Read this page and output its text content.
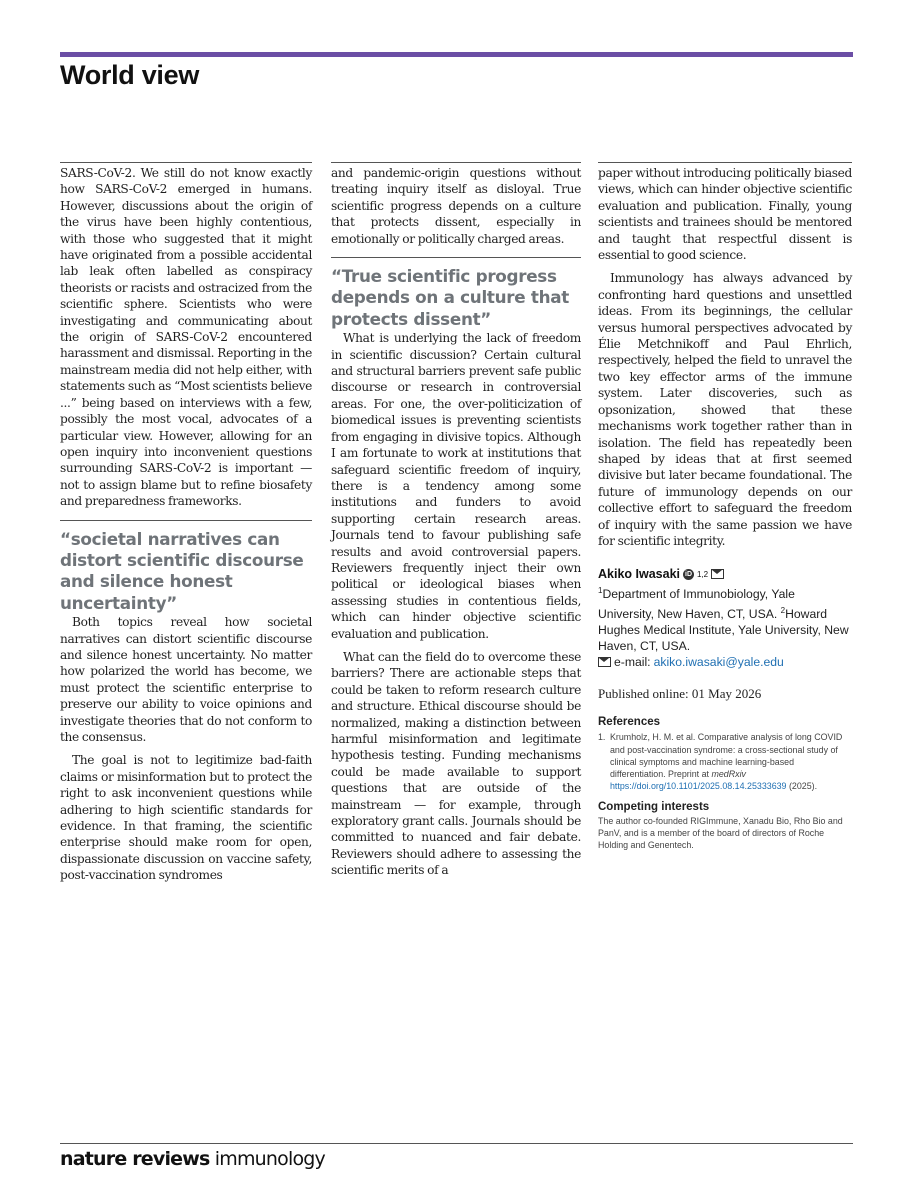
World view

SARS-CoV-2. We still do not know exactly how SARS-CoV-2 emerged in humans. However, discussions about the origin of the virus have been highly contentious, with those who suggested that it might have originated from a possible accidental lab leak often labelled as conspiracy theorists or racists and ostracized from the scientific sphere. Scientists who were investigating and communicating about the origin of SARS-CoV-2 encountered harassment and dismissal. Reporting in the mainstream media did not help either, with statements such as “Most scientists believe ...” being based on interviews with a few, possibly the most vocal, advocates of a particular view. However, allowing for an open inquiry into inconvenient questions surrounding SARS-CoV-2 is important — not to assign blame but to refine biosafety and preparedness frameworks.

“societal narratives can distort scientific discourse and silence honest uncertainty”

Both topics reveal how societal narratives can distort scientific discourse and silence honest uncertainty. No matter how polarized the world has become, we must protect the scientific enterprise to preserve our ability to voice opinions and investigate theories that do not conform to the consensus.

The goal is not to legitimize bad-faith claims or misinformation but to protect the right to ask inconvenient questions while adhering to high scientific standards for evidence. In that framing, the scientific enterprise should make room for open, dispassionate discussion on vaccine safety, post-vaccination syndromes

and pandemic-origin questions without treating inquiry itself as disloyal. True scientific progress depends on a culture that protects dissent, especially in emotionally or politically charged areas.

“True scientific progress depends on a culture that protects dissent”

What is underlying the lack of freedom in scientific discussion? Certain cultural and structural barriers prevent safe public discourse or research in controversial areas. For one, the over-politicization of biomedical issues is preventing scientists from engaging in divisive topics. Although I am fortunate to work at institutions that safeguard scientific freedom of inquiry, there is a tendency among some institutions and funders to avoid supporting certain research areas. Journals tend to favour publishing safe results and avoid controversial papers. Reviewers frequently inject their own political or ideological biases when assessing studies in contentious fields, which can hinder objective scientific evaluation and publication.

What can the field do to overcome these barriers? There are actionable steps that could be taken to reform research culture and structure. Ethical discourse should be normalized, making a distinction between harmful misinformation and legitimate hypothesis testing. Funding mechanisms could be made available to support questions that are outside of the mainstream — for example, through exploratory grant calls. Journals should be committed to nuanced and fair debate. Reviewers should adhere to assessing the scientific merits of a

paper without introducing politically biased views, which can hinder objective scientific evaluation and publication. Finally, young scientists and trainees should be mentored and taught that respectful dissent is essential to good science.

Immunology has always advanced by confronting hard questions and unsettled ideas. From its beginnings, the cellular versus humoral perspectives advocated by Élie Metchnikoff and Paul Ehrlich, respectively, helped the field to unravel the two key effector arms of the immune system. Later discoveries, such as opsonization, showed that these mechanisms work together rather than in isolation. The field has repeatedly been shaped by ideas that at first seemed divisive but later became foundational. The future of immunology depends on our collective effort to safeguard the freedom of inquiry with the same passion we have for scientific integrity.

Akiko Iwasaki iD 1,2
$^1$Department of Immunobiology, Yale University, New Haven, CT, USA. $^2$Howard Hughes Medical Institute, Yale University, New Haven, CT, USA.
e-mail: akiko.iwasaki@yale.edu
Published online: 01 May 2026
References
1. Krumholz, H. M. et al. Comparative analysis of long COVID and post-vaccination syndrome: a cross-sectional study of clinical symptoms and machine learning-based differentiation. Preprint at medRxiv https://doi.org/10.1101/2025.08.14.25333639 (2025).
Competing interests
The author co-founded RIGImmune, Xanadu Bio, Rho Bio and PanV, and is a member of the board of directors of Roche Holding and Genentech.
nature reviews immunology
